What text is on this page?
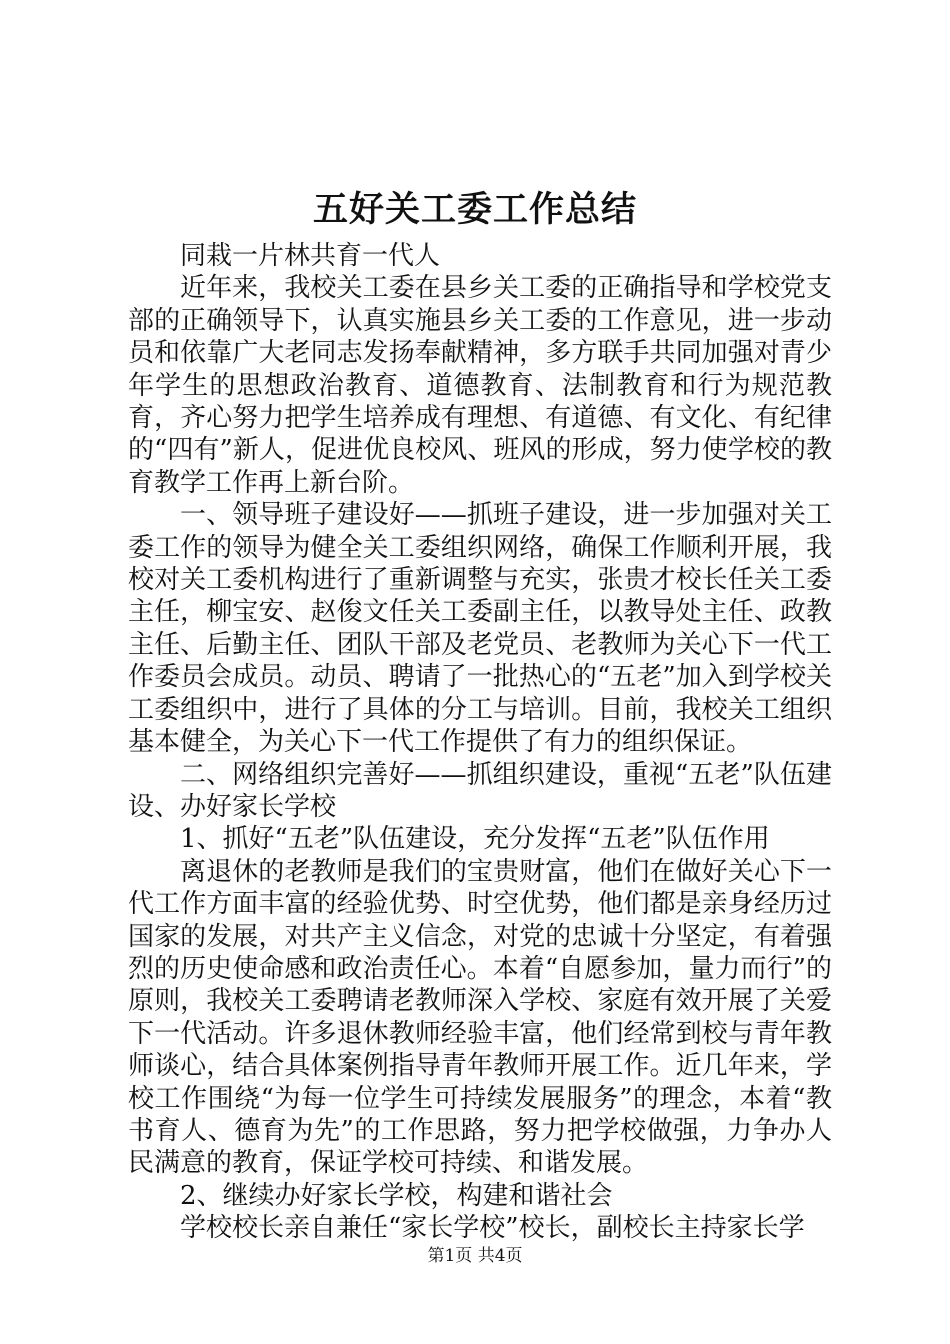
五好关工委工作总结

同栽一片林共育一代人

近年来，我校关工委在县乡关工委的正确指导和学校党支部的正确领导下，认真实施县乡关工委的工作意见，进一步动员和依靠广大老同志发扬奉献精神，多方联手共同加强对青少年学生的思想政治教育、道德教育、法制教育和行为规范教育，齐心努力把学生培养成有理想、有道德、有文化、有纪律的“四有”新人，促进优良校风、班风的形成，努力使学校的教育教学工作再上新台阶。

一、领导班子建设好——抓班子建设，进一步加强对关工委工作的领导为健全关工委组织网络，确保工作顺利开展，我校对关工委机构进行了重新调整与充实，张贵才校长任关工委主任，柳宝安、赵俊文任关工委副主任，以教导处主任、政教主任、后勤主任、团队干部及老党员、老教师为关心下一代工作委员会成员。动员、聘请了一批热心的“五老”加入到学校关工委组织中，进行了具体的分工与培训。目前，我校关工组织基本健全，为关心下一代工作提供了有力的组织保证。

二、网络组织完善好——抓组织建设，重视“五老”队伍建设、办好家长学校

1、抓好“五老”队伍建设，充分发挥“五老”队伍作用

离退休的老教师是我们的宝贵财富，他们在做好关心下一代工作方面丰富的经验优势、时空优势，他们都是亲身经历过国家的发展，对共产主义信念，对党的忠诚十分坚定，有着强烈的历史使命感和政治责任心。本着“自愿参加，量力而行”的原则，我校关工委聘请老教师深入学校、家庭有效开展了关爱下一代活动。许多退休教师经验丰富，他们经常到校与青年教师谈心，结合具体案例指导青年教师开展工作。近几年来，学校工作围绕“为每一位学生可持续发展服务”的理念，本着“教书育人、德育为先”的工作思路，努力把学校做强，力争办人民满意的教育，保证学校可持续、和谐发展。

2、继续办好家长学校，构建和谐社会

学校校长亲自兼任“家长学校”校长，副校长主持家长学

第1页 共4页
